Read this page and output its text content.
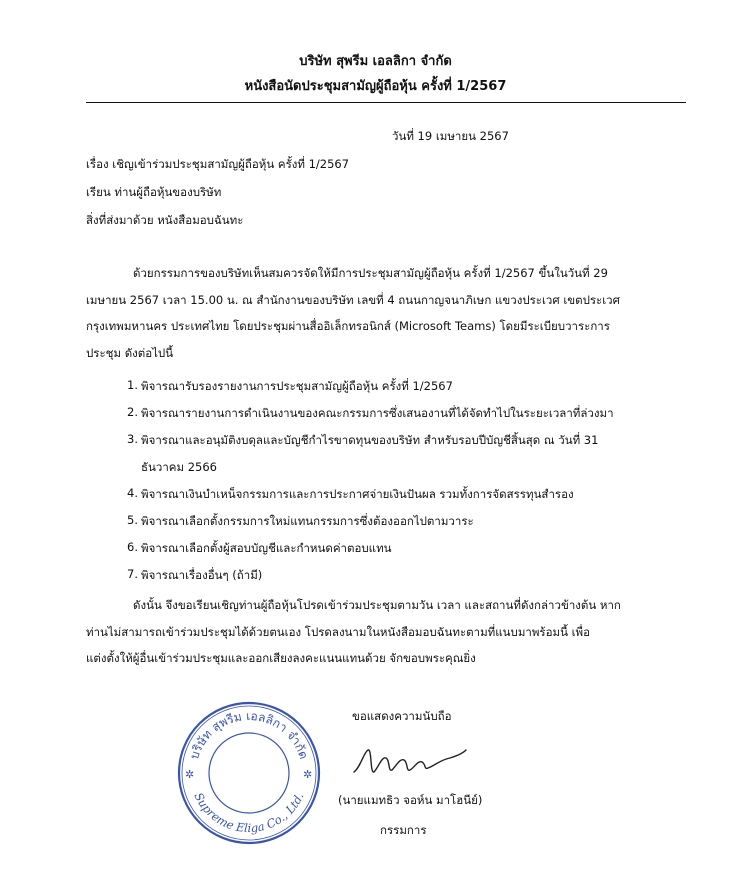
บริษัท สุพรีม เอลลิกา จำกัด
หนังสือนัดประชุมสามัญผู้ถือหุ้น ครั้งที่ 1/2567
วันที่ 19 เมษายน 2567
เรื่อง เชิญเข้าร่วมประชุมสามัญผู้ถือหุ้น ครั้งที่ 1/2567
เรียน ท่านผู้ถือหุ้นของบริษัท
สิ่งที่ส่งมาด้วย หนังสือมอบฉันทะ
ด้วยกรรมการของบริษัทเห็นสมควรจัดให้มีการประชุมสามัญผู้ถือหุ้น ครั้งที่ 1/2567 ขึ้นในวันที่ 29
เมษายน 2567 เวลา 15.00 น. ณ สำนักงานของบริษัท เลขที่ 4 ถนนกาญจนาภิเษก แขวงประเวศ เขตประเวศ
กรุงเทพมหานคร ประเทศไทย โดยประชุมผ่านสื่ออิเล็กทรอนิกส์ (Microsoft Teams) โดยมีระเบียบวาระการ
ประชุม ดังต่อไปนี้
1. พิจารณารับรองรายงานการประชุมสามัญผู้ถือหุ้น ครั้งที่ 1/2567
2. พิจารณารายงานการดำเนินงานของคณะกรรมการซึ่งเสนองานที่ได้จัดทำไปในระยะเวลาที่ล่วงมา
3. พิจารณาและอนุมัติงบดุลและบัญชีกำไรขาดทุนของบริษัท สำหรับรอบปีบัญชีสิ้นสุด ณ วันที่ 31
ธันวาคม 2566
4. พิจารณาเงินบำเหน็จกรรมการและการประกาศจ่ายเงินปันผล รวมทั้งการจัดสรรทุนสำรอง
5. พิจารณาเลือกตั้งกรรมการใหม่แทนกรรมการซึ่งต้องออกไปตามวาระ
6. พิจารณาเลือกตั้งผู้สอบบัญชีและกำหนดค่าตอบแทน
7. พิจารณาเรื่องอื่นๆ (ถ้ามี)
ดังนั้น จึงขอเรียนเชิญท่านผู้ถือหุ้นโปรดเข้าร่วมประชุมตามวัน เวลา และสถานที่ดังกล่าวข้างต้น หาก
ท่านไม่สามารถเข้าร่วมประชุมได้ด้วยตนเอง โปรดลงนามในหนังสือมอบฉันทะตามที่แนบมาพร้อมนี้ เพื่อ
แต่งตั้งให้ผู้อื่นเข้าร่วมประชุมและออกเสียงลงคะแนนแทนด้วย จักขอบพระคุณยิ่ง
ขอแสดงความนับถือ
บริษัท สุพรีม เอลลิกา จำกัด
Supreme Eliga Co., Ltd.
✲	✲
(นายแมทธิว จอห์น มาโฮนีย์)
กรรมการ
